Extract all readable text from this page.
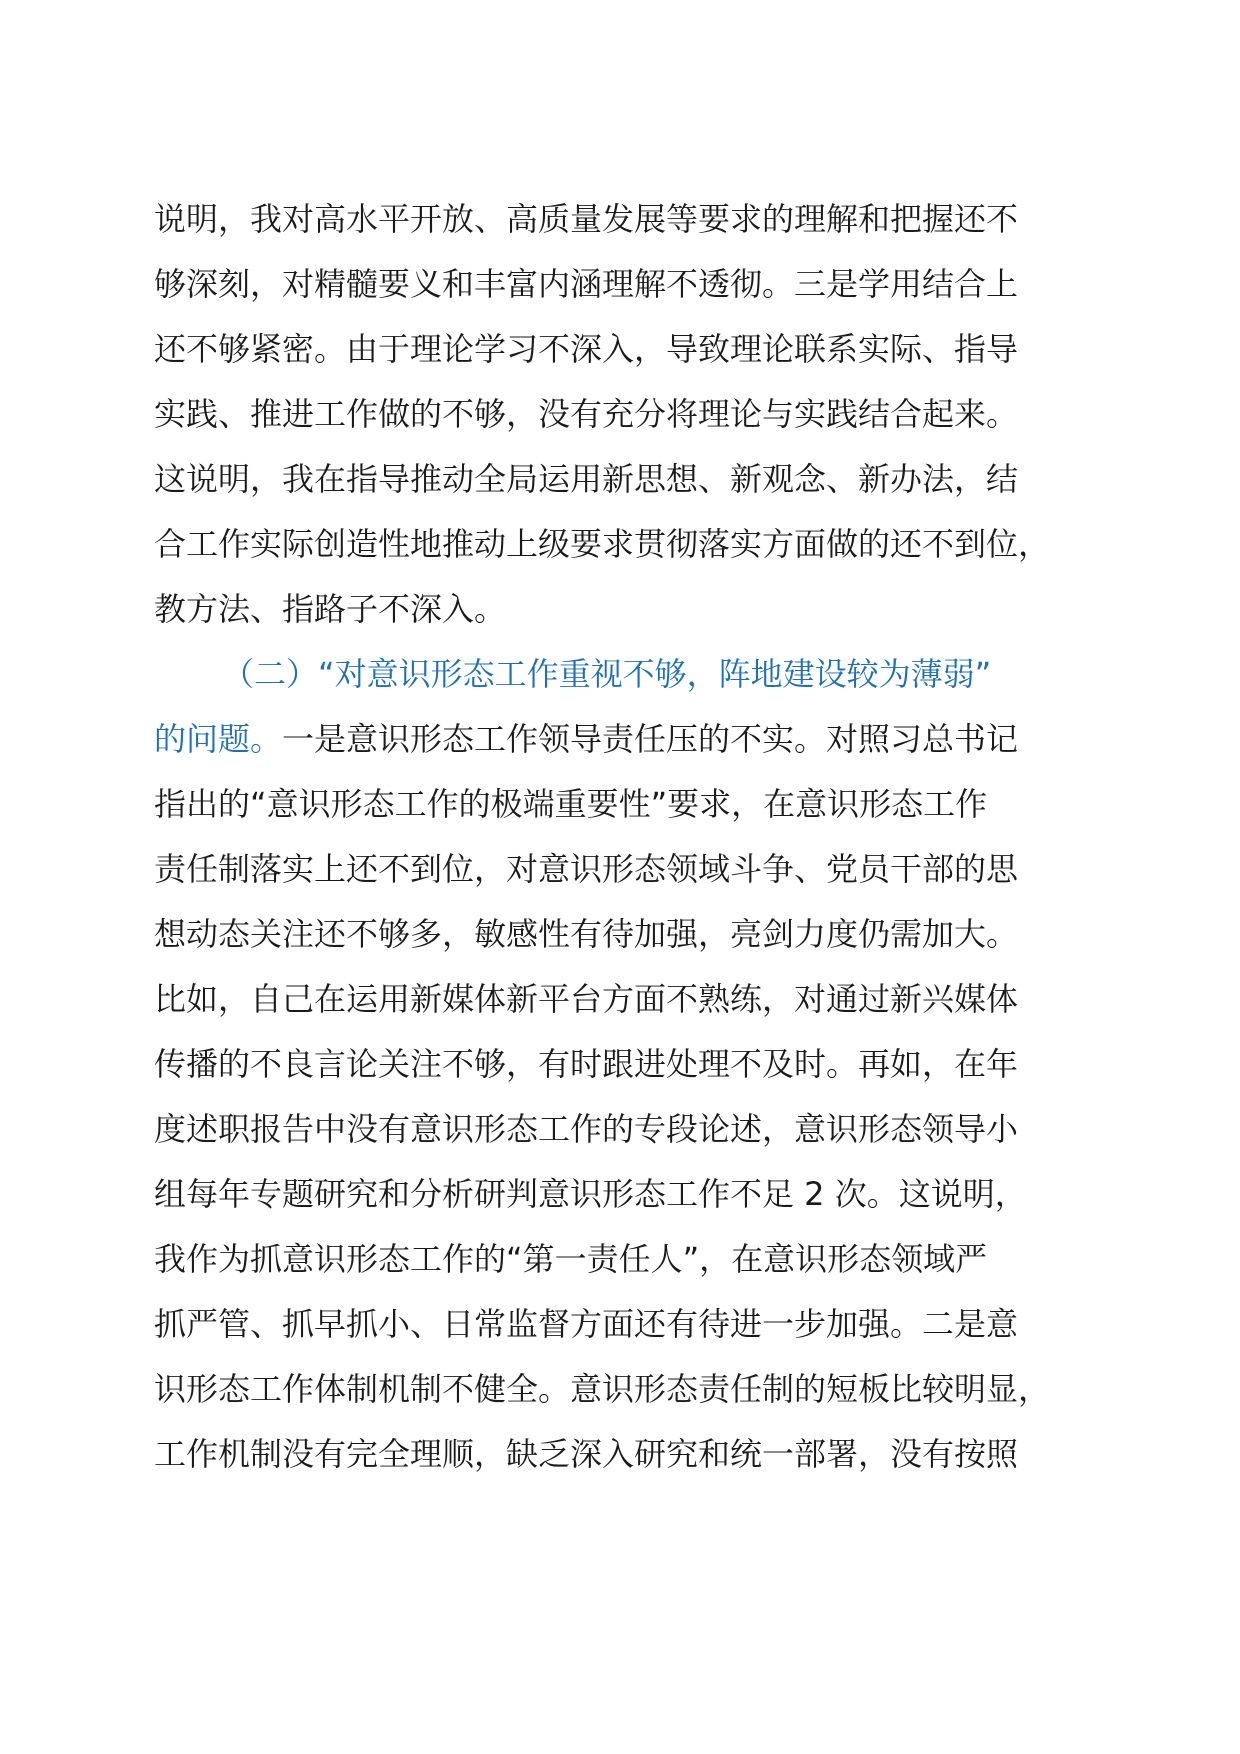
说明，我对高水平开放、高质量发展等要求的理解和把握还不
够深刻，对精髓要义和丰富内涵理解不透彻。三是学用结合上
还不够紧密。由于理论学习不深入，导致理论联系实际、指导
实践、推进工作做的不够，没有充分将理论与实践结合起来。
这说明，我在指导推动全局运用新思想、新观念、新办法，结
合工作实际创造性地推动上级要求贯彻落实方面做的还不到位，
教方法、指路子不深入。
（二）“对意识形态工作重视不够，阵地建设较为薄弱”
的问题。一是意识形态工作领导责任压的不实。对照习总书记
指出的“意识形态工作的极端重要性”要求，在意识形态工作
责任制落实上还不到位，对意识形态领域斗争、党员干部的思
想动态关注还不够多，敏感性有待加强，亮剑力度仍需加大。
比如，自己在运用新媒体新平台方面不熟练，对通过新兴媒体
传播的不良言论关注不够，有时跟进处理不及时。再如，在年
度述职报告中没有意识形态工作的专段论述，意识形态领导小
组每年专题研究和分析研判意识形态工作不足 2 次。这说明，
我作为抓意识形态工作的“第一责任人”，在意识形态领域严
抓严管、抓早抓小、日常监督方面还有待进一步加强。二是意
识形态工作体制机制不健全。意识形态责任制的短板比较明显，
工作机制没有完全理顺，缺乏深入研究和统一部署，没有按照
